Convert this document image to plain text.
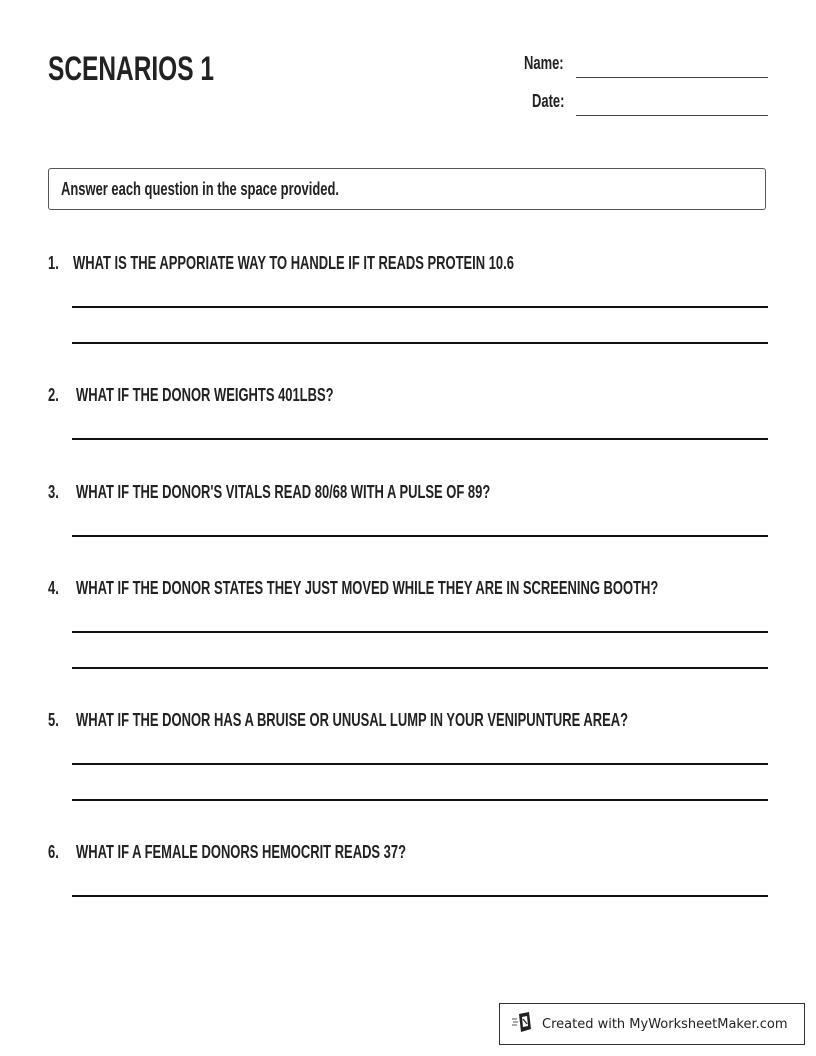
SCENARIOS 1	Name:
Date:
Answer each question in the space provided.
1. WHAT IS THE APPORIATE WAY TO HANDLE IF IT READS PROTEIN 10.6
2. WHAT IF THE DONOR WEIGHTS 401LBS?
3. WHAT IF THE DONOR'S VITALS READ 80/68 WITH A PULSE OF 89?
4. WHAT IF THE DONOR STATES THEY JUST MOVED WHILE THEY ARE IN SCREENING BOOTH?
5. WHAT IF THE DONOR HAS A BRUISE OR UNUSAL LUMP IN YOUR VENIPUNTURE AREA?
6. WHAT IF A FEMALE DONORS HEMOCRIT READS 37?
Created with MyWorksheetMaker.com
